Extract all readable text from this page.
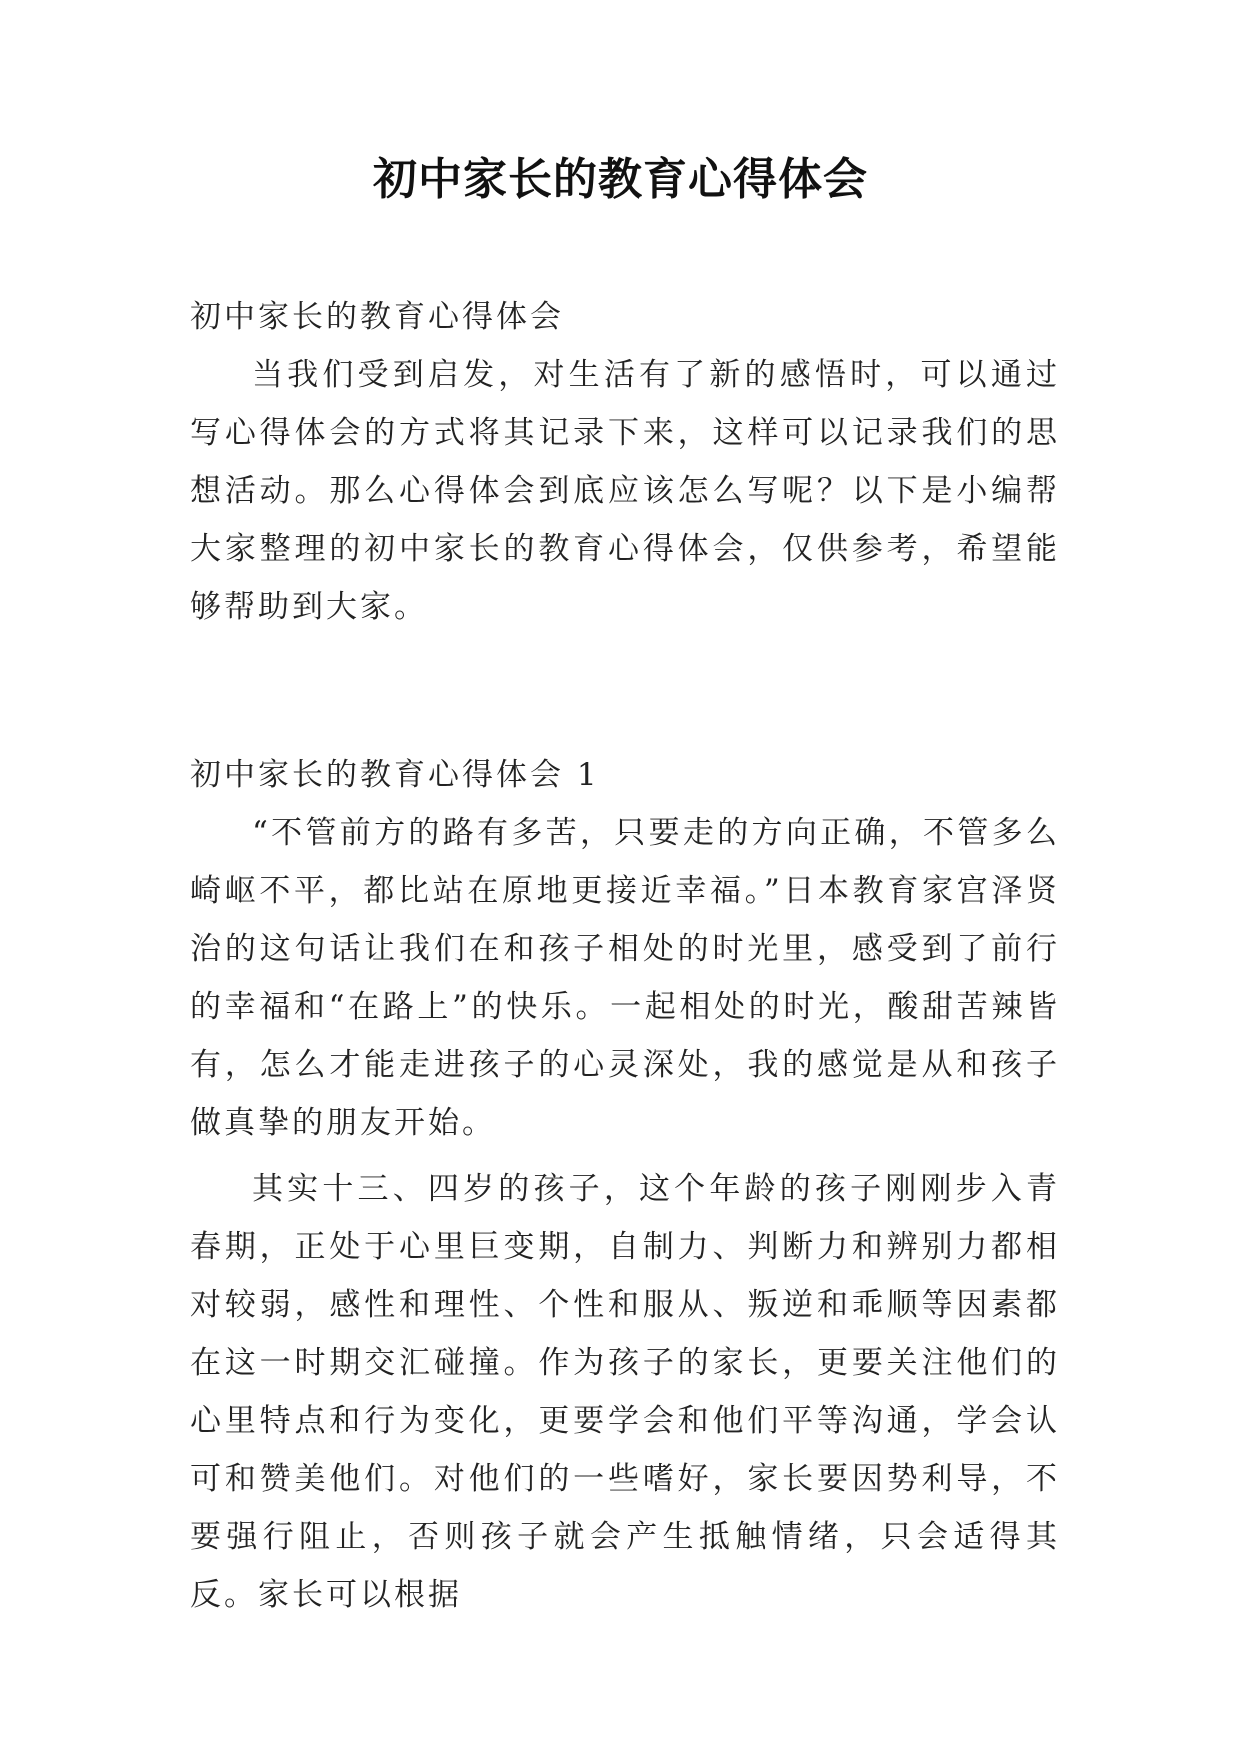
初中家长的教育心得体会

初中家长的教育心得体会

当我们受到启发，对生活有了新的感悟时，可以通过写心得体会的方式将其记录下来，这样可以记录我们的思想活动。那么心得体会到底应该怎么写呢？以下是小编帮大家整理的初中家长的教育心得体会，仅供参考，希望能够帮助到大家。

初中家长的教育心得体会 1

“不管前方的路有多苦，只要走的方向正确，不管多么崎岖不平，都比站在原地更接近幸福。”日本教育家宫泽贤治的这句话让我们在和孩子相处的时光里，感受到了前行的幸福和“在路上”的快乐。一起相处的时光，酸甜苦辣皆有，怎么才能走进孩子的心灵深处，我的感觉是从和孩子做真挚的朋友开始。

其实十三、四岁的孩子，这个年龄的孩子刚刚步入青春期，正处于心里巨变期，自制力、判断力和辨别力都相对较弱，感性和理性、个性和服从、叛逆和乖顺等因素都在这一时期交汇碰撞。作为孩子的家长，更要关注他们的心里特点和行为变化，更要学会和他们平等沟通，学会认可和赞美他们。对他们的一些嗜好，家长要因势利导，不要强行阻止，否则孩子就会产生抵触情绪，只会适得其反。家长可以根据
